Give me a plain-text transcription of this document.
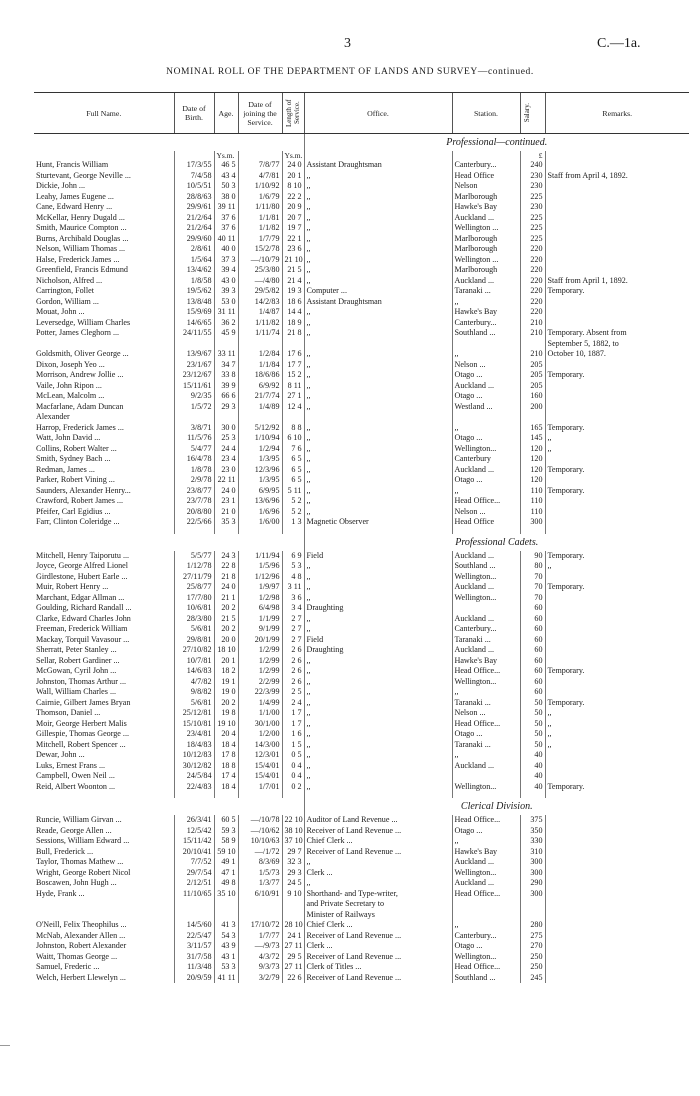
3	C.—1a.
NOMINAL ROLL OF THE DEPARTMENT OF LANDS AND SURVEY—continued.
Full Name.	Date of Birth.	Age.	Date of joining the Service.	Length of Service.	Office.	Station.	Salary.	Remarks.
					Professional—continued.			
		Ys.m.		Ys.m.			£	
Hunt, Francis William	17/3/55	46 5	7/8/77	24 0	Assistant Draughtsman	Canterbury...	240	
Sturtevant, George Neville ...	7/4/58	43 4	4/7/81	20 1	,,	Head Office	230	Staff from April 4, 1892.
Dickie, John ...	10/5/51	50 3	1/10/92	8 10	,,	Nelson	230	
Leahy, James Eugene ...	28/8/63	38 0	1/6/79	22 2	,,	Marlborough	225	
Cane, Edward Henry ...	29/9/61	39 11	1/11/80	20 9	,,	Hawke's Bay	230	
McKellar, Henry Dugald ...	21/2/64	37 6	1/1/81	20 7	,,	Auckland ...	225	
Smith, Maurice Compton ...	21/2/64	37 6	1/1/82	19 7	,,	Wellington ...	225	
Burns, Archibald Douglas ...	29/9/60	40 11	1/7/79	22 1	,,	Marlborough	225	
Nelson, William Thomas ...	2/8/61	40 0	15/2/78	23 6	,,	Marlborough	220	
Halse, Frederick James ...	1/5/64	37 3	—/10/79	21 10	,,	Wellington ...	220	
Greenfield, Francis Edmund	13/4/62	39 4	25/3/80	21 5	,,	Marlborough	220	
Nicholson, Alfred ...	1/8/58	43 0	—/4/80	21 4	,,	Auckland ...	220	Staff from April 1, 1892.
Carrington, Follet	19/5/62	39 3	29/5/82	19 3	Computer ...	Taranaki ...	220	Temporary.
Gordon, William ...	13/8/48	53 0	14/2/83	18 6	Assistant Draughtsman	,,	220	
Mouat, John ...	15/9/69	31 11	1/4/87	14 4	,,	Hawke's Bay	220	
Leversedge, William Charles	14/6/65	36 2	1/11/82	18 9	,,	Canterbury...	210	
Potter, James Cleghorn ...	24/11/55	45 9	1/11/74	21 8	,,	Southland ...	210	Temporary. Absent from
								September 5, 1882, to
Goldsmith, Oliver George ...	13/9/67	33 11	1/2/84	17 6	,,	,,	210	October 10, 1887.
Dixon, Joseph Yeo ...	23/1/67	34 7	1/1/84	17 7	,,	Nelson ...	205	
Morrison, Andrew Jollie ...	23/12/67	33 8	18/6/86	15 2	,,	Otago ...	205	Temporary.
Vaile, John Ripon ...	15/11/61	39 9	6/9/92	8 11	,,	Auckland ...	205	
McLean, Malcolm ...	9/2/35	66 6	21/7/74	27 1	,,	Otago ...	160	
Macfarlane, Adam Duncan	1/5/72	29 3	1/4/89	12 4	,,	Westland ...	200	
Alexander								
Harrop, Frederick James ...	3/8/71	30 0	5/12/92	8 8	,,	,,	165	Temporary.
Watt, John David ...	11/5/76	25 3	1/10/94	6 10	,,	Otago ...	145	,,
Collins, Robert Walter ...	5/4/77	24 4	1/2/94	7 6	,,	Wellington...	120	,,
Smith, Sydney Bach ...	16/4/78	23 4	1/3/95	6 5	,,	Canterbury	120	
Redman, James ...	1/8/78	23 0	12/3/96	6 5	,,	Auckland ...	120	Temporary.
Parker, Robert Vining ...	2/9/78	22 11	1/3/95	6 5	,,	Otago ...	120	
Saunders, Alexander Henry...	23/8/77	24 0	6/9/95	5 11	,,	,,	110	Temporary.
Crawford, Robert James ...	23/7/78	23 1	13/6/96	5 2	,,	Head Office...	110	
Pfeifer, Carl Egidius ...	20/8/80	21 0	1/6/96	5 2	,,	Nelson ...	110	
Farr, Clinton Coleridge ...	22/5/66	35 3	1/6/00	1 3	Magnetic Observer	Head Office	300	

					Professional Cadets.			
Mitchell, Henry Taiporutu ...	5/5/77	24 3	1/11/94	6 9	Field	Auckland ...	90	Temporary.
Joyce, George Alfred Lionel	1/12/78	22 8	1/5/96	5 3	,,	Southland ...	80	,,
Girdlestone, Hubert Earle ...	27/11/79	21 8	1/12/96	4 8	,,	Wellington...	70	
Muir, Robert Henry ...	25/8/77	24 0	1/9/97	3 11	,,	Auckland ...	70	Temporary.
Marchant, Edgar Allman ...	17/7/80	21 1	1/2/98	3 6	,,	Wellington...	70	
Goulding, Richard Randall ...	10/6/81	20 2	6/4/98	3 4	Draughting		60	
Clarke, Edward Charles John	28/3/80	21 5	1/1/99	2 7	,,	Auckland ...	60	
Freeman, Frederick William	5/6/81	20 2	9/1/99	2 7	,,	Canterbury...	60	
Mackay, Torquil Vavasour ...	29/8/81	20 0	20/1/99	2 7	Field	Taranaki ...	60	
Sherratt, Peter Stanley ...	27/10/82	18 10	1/2/99	2 6	Draughting	Auckland ...	60	
Sellar, Robert Gardiner ...	10/7/81	20 1	1/2/99	2 6	,,	Hawke's Bay	60	
McGowan, Cyril John ...	14/6/83	18 2	1/2/99	2 6	,,	Head Office...	60	Temporary.
Johnston, Thomas Arthur ...	4/7/82	19 1	2/2/99	2 6	,,	Wellington...	60	
Wall, William Charles ...	9/8/82	19 0	22/3/99	2 5	,,	,,	60	
Cairnie, Gilbert James Bryan	5/6/81	20 2	1/4/99	2 4	,,	Taranaki ...	50	Temporary.
Thomson, Daniel ...	25/12/81	19 8	1/1/00	1 7	,,	Nelson ...	50	,,
Moir, George Herbert Malis	15/10/81	19 10	30/1/00	1 7	,,	Head Office...	50	,,
Gillespie, Thomas George ...	23/4/81	20 4	1/2/00	1 6	,,	Otago ...	50	,,
Mitchell, Robert Spencer ...	18/4/83	18 4	14/3/00	1 5	,,	Taranaki ...	50	,,
Dewar, John ...	10/12/83	17 8	12/3/01	0 5	,,	,,	40	
Luks, Ernest Frans ...	30/12/82	18 8	15/4/01	0 4	,,	Auckland ...	40	
Campbell, Owen Neil ...	24/5/84	17 4	15/4/01	0 4	,,		40	
Reid, Albert Woonton ...	22/4/83	18 4	1/7/01	0 2	,,	Wellington...	40	Temporary.

					Clerical Division.			
Runcie, William Girvan ...	26/3/41	60 5	—/10/78	22 10	Auditor of Land Revenue ...	Head Office...	375	
Reade, George Allen ...	12/5/42	59 3	—/10/62	38 10	Receiver of Land Revenue ...	Otago ...	350	
Sessions, William Edward ...	15/11/42	58 9	10/10/63	37 10	Chief Clerk ...	,,	330	
Bull, Frederick ...	20/10/41	59 10	—/1/72	29 7	Receiver of Land Revenue ...	Hawke's Bay	310	
Taylor, Thomas Mathew ...	7/7/52	49 1	8/3/69	32 3	,,	Auckland ...	300	
Wright, George Robert Nicol	29/7/54	47 1	1/5/73	29 3	Clerk ...	Wellington...	300	
Boscawen, John Hugh ...	2/12/51	49 8	1/3/77	24 5	,,	Auckland ...	290	
Hyde, Frank ...	11/10/65	35 10	6/10/91	9 10	Shorthand- and Type-writer,	Head Office...	300	
					and Private Secretary to			
					Minister of Railways			
O'Neill, Felix Theophilus ...	14/5/60	41 3	17/10/72	28 10	Chief Clerk ...	,,	280	
McNab, Alexander Allen ...	22/5/47	54 3	1/7/77	24 1	Receiver of Land Revenue ...	Canterbury...	275	
Johnston, Robert Alexander	3/11/57	43 9	—/9/73	27 11	Clerk ...	Otago ...	270	
Waitt, Thomas George ...	31/7/58	43 1	4/3/72	29 5	Receiver of Land Revenue ...	Wellington...	250	
Samuel, Frederic ...	11/3/48	53 3	9/3/73	27 11	Clerk of Titles ...	Head Office...	250	
Welch, Herbert Llewelyn ...	20/9/59	41 11	3/2/79	22 6	Receiver of Land Revenue ...	Southland ...	245	
